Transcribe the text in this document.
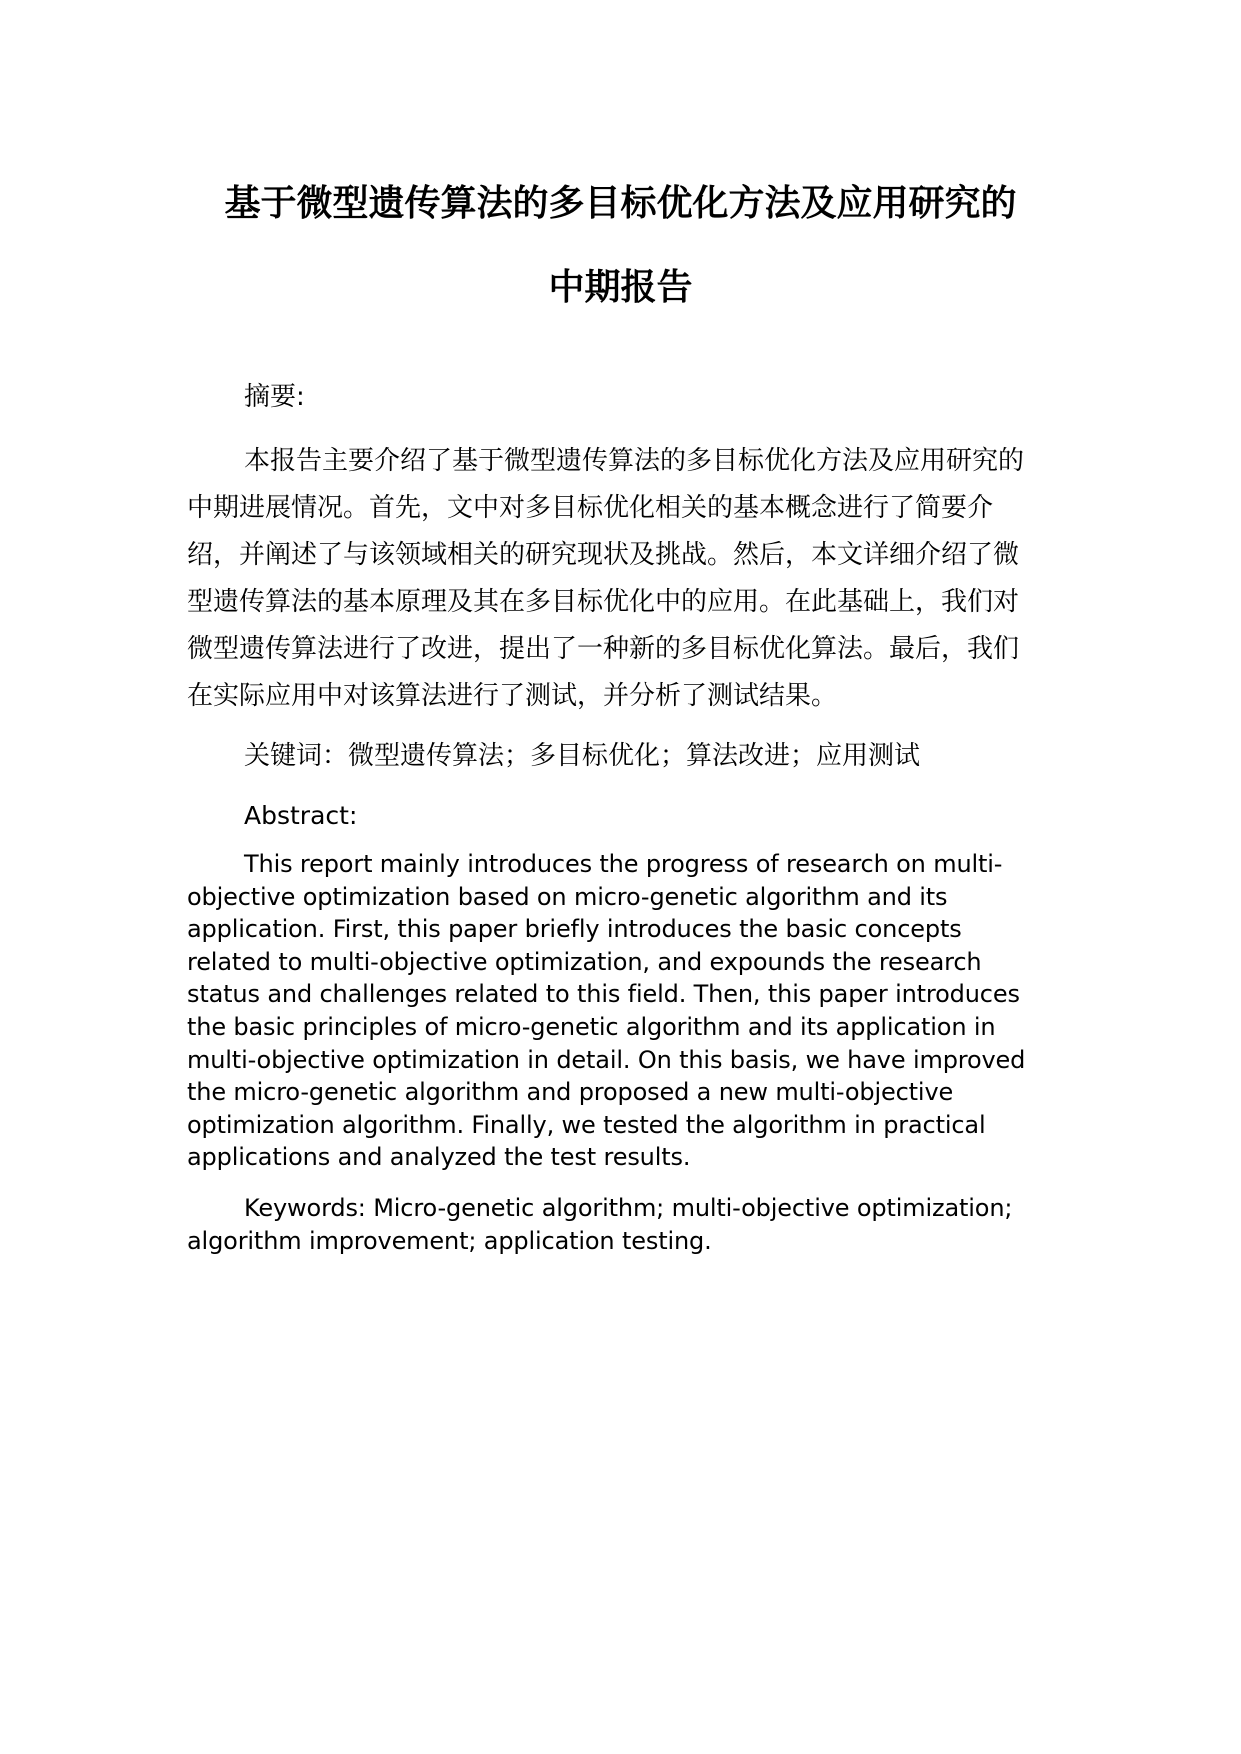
基于微型遗传算法的多目标优化方法及应用研究的
中期报告
摘要:

本报告主要介绍了基于微型遗传算法的多目标优化方法及应用研究的中期进展情况。首先，文中对多目标优化相关的基本概念进行了简要介绍，并阐述了与该领域相关的研究现状及挑战。然后，本文详细介绍了微型遗传算法的基本原理及其在多目标优化中的应用。在此基础上，我们对微型遗传算法进行了改进，提出了一种新的多目标优化算法。最后，我们在实际应用中对该算法进行了测试，并分析了测试结果。

关键词：微型遗传算法；多目标优化；算法改进；应用测试
Abstract:

This report mainly introduces the progress of research on multi-objective optimization based on micro-genetic algorithm and its application. First, this paper briefly introduces the basic concepts related to multi-objective optimization, and expounds the research status and challenges related to this field. Then, this paper introduces the basic principles of micro-genetic algorithm and its application in multi-objective optimization in detail. On this basis, we have improved the micro-genetic algorithm and proposed a new multi-objective optimization algorithm. Finally, we tested the algorithm in practical applications and analyzed the test results.

Keywords: Micro-genetic algorithm; multi-objective optimization; algorithm improvement; application testing.
